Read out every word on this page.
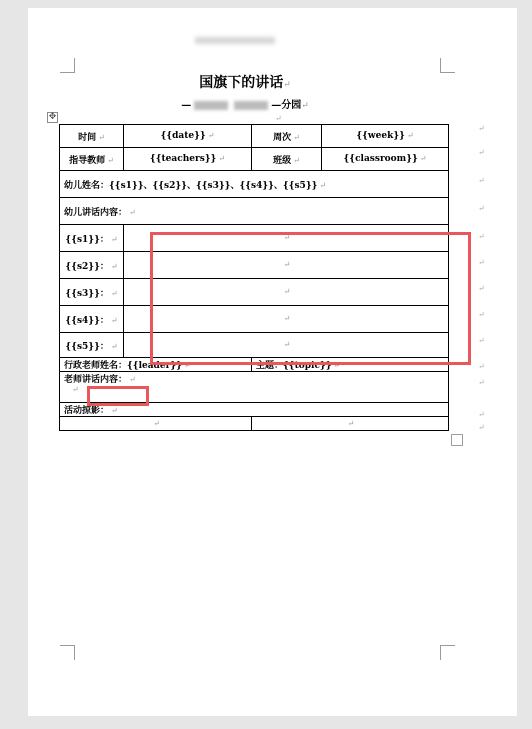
国旗下的讲话↵
—	—分园↵
✥
时间 ↵	{{date}} ↵	周次 ↵	{{week}} ↵
指导教师 ↵	{{teachers}} ↵	班级 ↵	{{classroom}} ↵
幼儿姓名：{{s1}}、{{s2}}、{{s3}}、{{s4}}、{{s5}} ↵			
幼儿讲话内容： ↵			
{{s1}}： ↵	↵		
{{s2}}： ↵	↵		
{{s3}}： ↵	↵		
{{s4}}： ↵	↵		
{{s5}}： ↵	↵		
行政老师姓名：{{leader}} ↵		主题：{{topic}} ↵	
老师讲话内容： ↵
↵			
活动掠影： ↵			
↵		↵	
↵
↵
↵
↵
↵
↵
↵
↵
↵
↵
↵
↵
↵
↵
